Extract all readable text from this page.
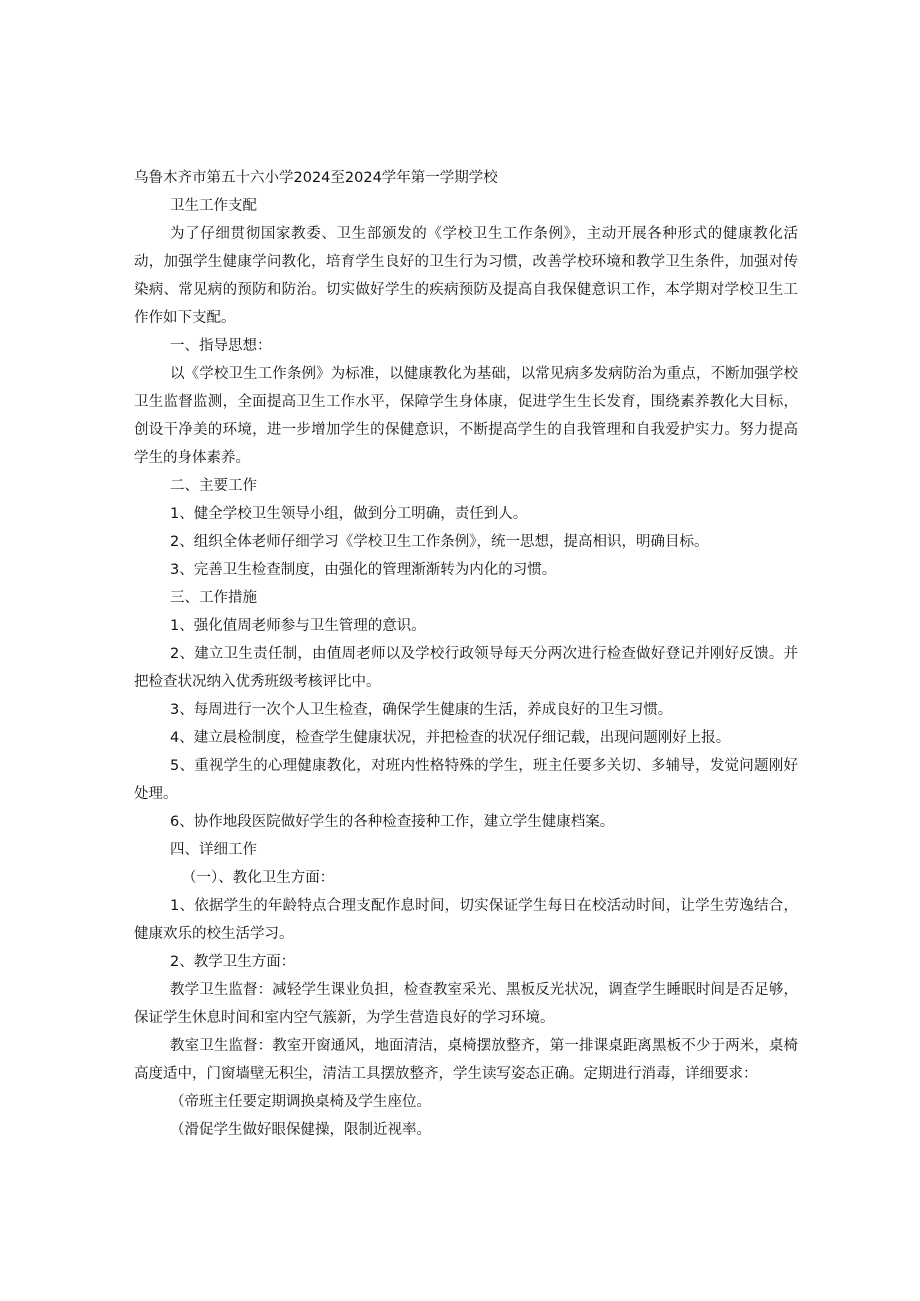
乌鲁木齐市第五十六小学2024至2024学年第一学期学校

卫生工作支配

为了仔细贯彻国家教委、卫生部颁发的《学校卫生工作条例》，主动开展各种形式的健康教化活动，加强学生健康学问教化，培育学生良好的卫生行为习惯，改善学校环境和教学卫生条件，加强对传染病、常见病的预防和防治。切实做好学生的疾病预防及提高自我保健意识工作，本学期对学校卫生工作作如下支配。

一、指导思想：

以《学校卫生工作条例》为标准，以健康教化为基础，以常见病多发病防治为重点，不断加强学校卫生监督监测，全面提高卫生工作水平，保障学生身体康，促进学生生长发育，围绕素养教化大目标，创设干净美的环境，进一步增加学生的保健意识，不断提高学生的自我管理和自我爱护实力。努力提高学生的身体素养。

二、主要工作

1、健全学校卫生领导小组，做到分工明确，责任到人。

2、组织全体老师仔细学习《学校卫生工作条例》，统一思想，提高相识，明确目标。

3、完善卫生检查制度，由强化的管理渐渐转为内化的习惯。

三、工作措施

1、强化值周老师参与卫生管理的意识。

2、建立卫生责任制，由值周老师以及学校行政领导每天分两次进行检查做好登记并刚好反馈。并把检查状况纳入优秀班级考核评比中。

3、每周进行一次个人卫生检查，确保学生健康的生活，养成良好的卫生习惯。

4、建立晨检制度，检查学生健康状况，并把检查的状况仔细记载，出现问题刚好上报。

5、重视学生的心理健康教化，对班内性格特殊的学生，班主任要多关切、多辅导，发觉问题刚好处理。

6、协作地段医院做好学生的各种检查接种工作，建立学生健康档案。

四、详细工作

（一）、教化卫生方面：

1、依据学生的年龄特点合理支配作息时间，切实保证学生每日在校活动时间，让学生劳逸结合，健康欢乐的校生活学习。

2、教学卫生方面：

教学卫生监督：减轻学生课业负担，检查教室采光、黑板反光状况，调查学生睡眠时间是否足够，保证学生休息时间和室内空气簇新，为学生营造良好的学习环境。

教室卫生监督：教室开窗通风，地面清洁，桌椅摆放整齐，第一排课桌距离黑板不少于两米，桌椅高度适中，门窗墙壁无积尘，清洁工具摆放整齐，学生读写姿态正确。定期进行消毒，详细要求：

（帝班主任要定期调换桌椅及学生座位。

（滑促学生做好眼保健操，限制近视率。
